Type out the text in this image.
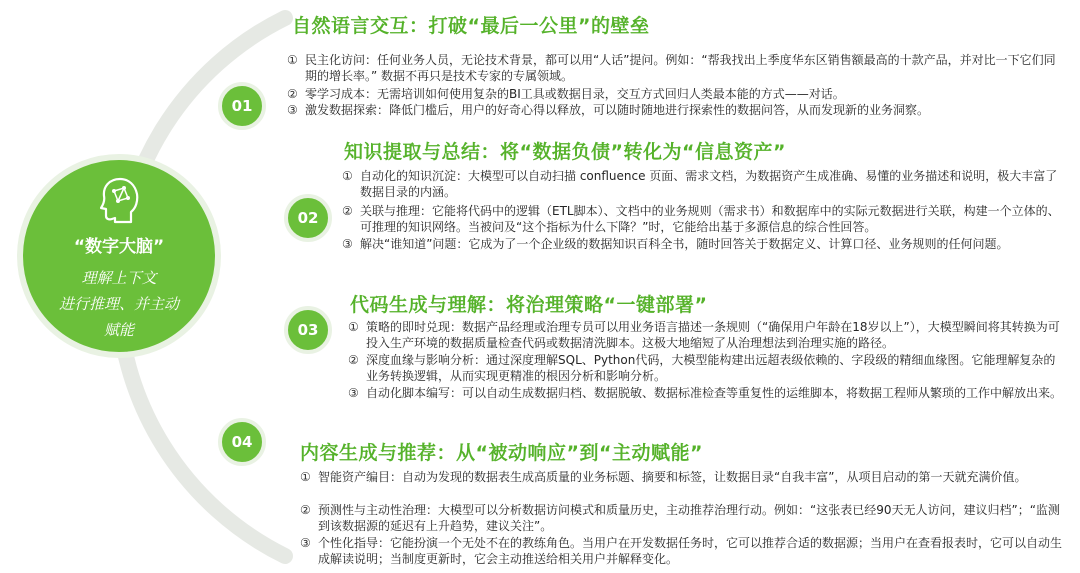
“数字大脑”
理解上下文
进行推理、并主动
赋能
01
自然语言交互：打破“最后一公里”的壁垒
① 民主化访问：任何业务人员，无论技术背景，都可以用“人话”提问。例如：“帮我找出上季度华东区销售额最高的十款产品，并对比一下它们同期的增长率。” 数据不再只是技术专家的专属领域。
② 零学习成本：无需培训如何使用复杂的BI工具或数据目录，交互方式回归人类最本能的方式——对话。
③ 激发数据探索：降低门槛后，用户的好奇心得以释放，可以随时随地进行探索性的数据问答，从而发现新的业务洞察。
02
知识提取与总结：将“数据负债”转化为“信息资产”
① 自动化的知识沉淀：大模型可以自动扫描 confluence 页面、需求文档，为数据资产生成准确、易懂的业务描述和说明，极大丰富了数据目录的内涵。
② 关联与推理：它能将代码中的逻辑（ETL脚本）、文档中的业务规则（需求书）和数据库中的实际元数据进行关联，构建一个立体的、可推理的知识网络。当被问及“这个指标为什么下降？”时，它能给出基于多源信息的综合性回答。
③ 解决“谁知道”问题：它成为了一个企业级的数据知识百科全书，随时回答关于数据定义、计算口径、业务规则的任何问题。
03
代码生成与理解：将治理策略“一键部署”
① 策略的即时兑现：数据产品经理或治理专员可以用业务语言描述一条规则（“确保用户年龄在18岁以上”），大模型瞬间将其转换为可投入生产环境的数据质量检查代码或数据清洗脚本。这极大地缩短了从治理想法到治理实施的路径。
② 深度血缘与影响分析：通过深度理解SQL、Python代码，大模型能构建出远超表级依赖的、字段级的精细血缘图。它能理解复杂的业务转换逻辑，从而实现更精准的根因分析和影响分析。
③ 自动化脚本编写：可以自动生成数据归档、数据脱敏、数据标准检查等重复性的运维脚本，将数据工程师从繁琐的工作中解放出来。
04	内容生成与推荐：从“被动响应”到“主动赋能”
① 智能资产编目：自动为发现的数据表生成高质量的业务标题、摘要和标签，让数据目录“自我丰富”，从项目启动的第一天就充满价值。
② 预测性与主动性治理：大模型可以分析数据访问模式和质量历史，主动推荐治理行动。例如：“这张表已经90天无人访问，建议归档”；“监测到该数据源的延迟有上升趋势，建议关注”。
③ 个性化指导：它能扮演一个无处不在的教练角色。当用户在开发数据任务时，它可以推荐合适的数据源；当用户在查看报表时，它可以自动生成解读说明；当制度更新时，它会主动推送给相关用户并解释变化。
